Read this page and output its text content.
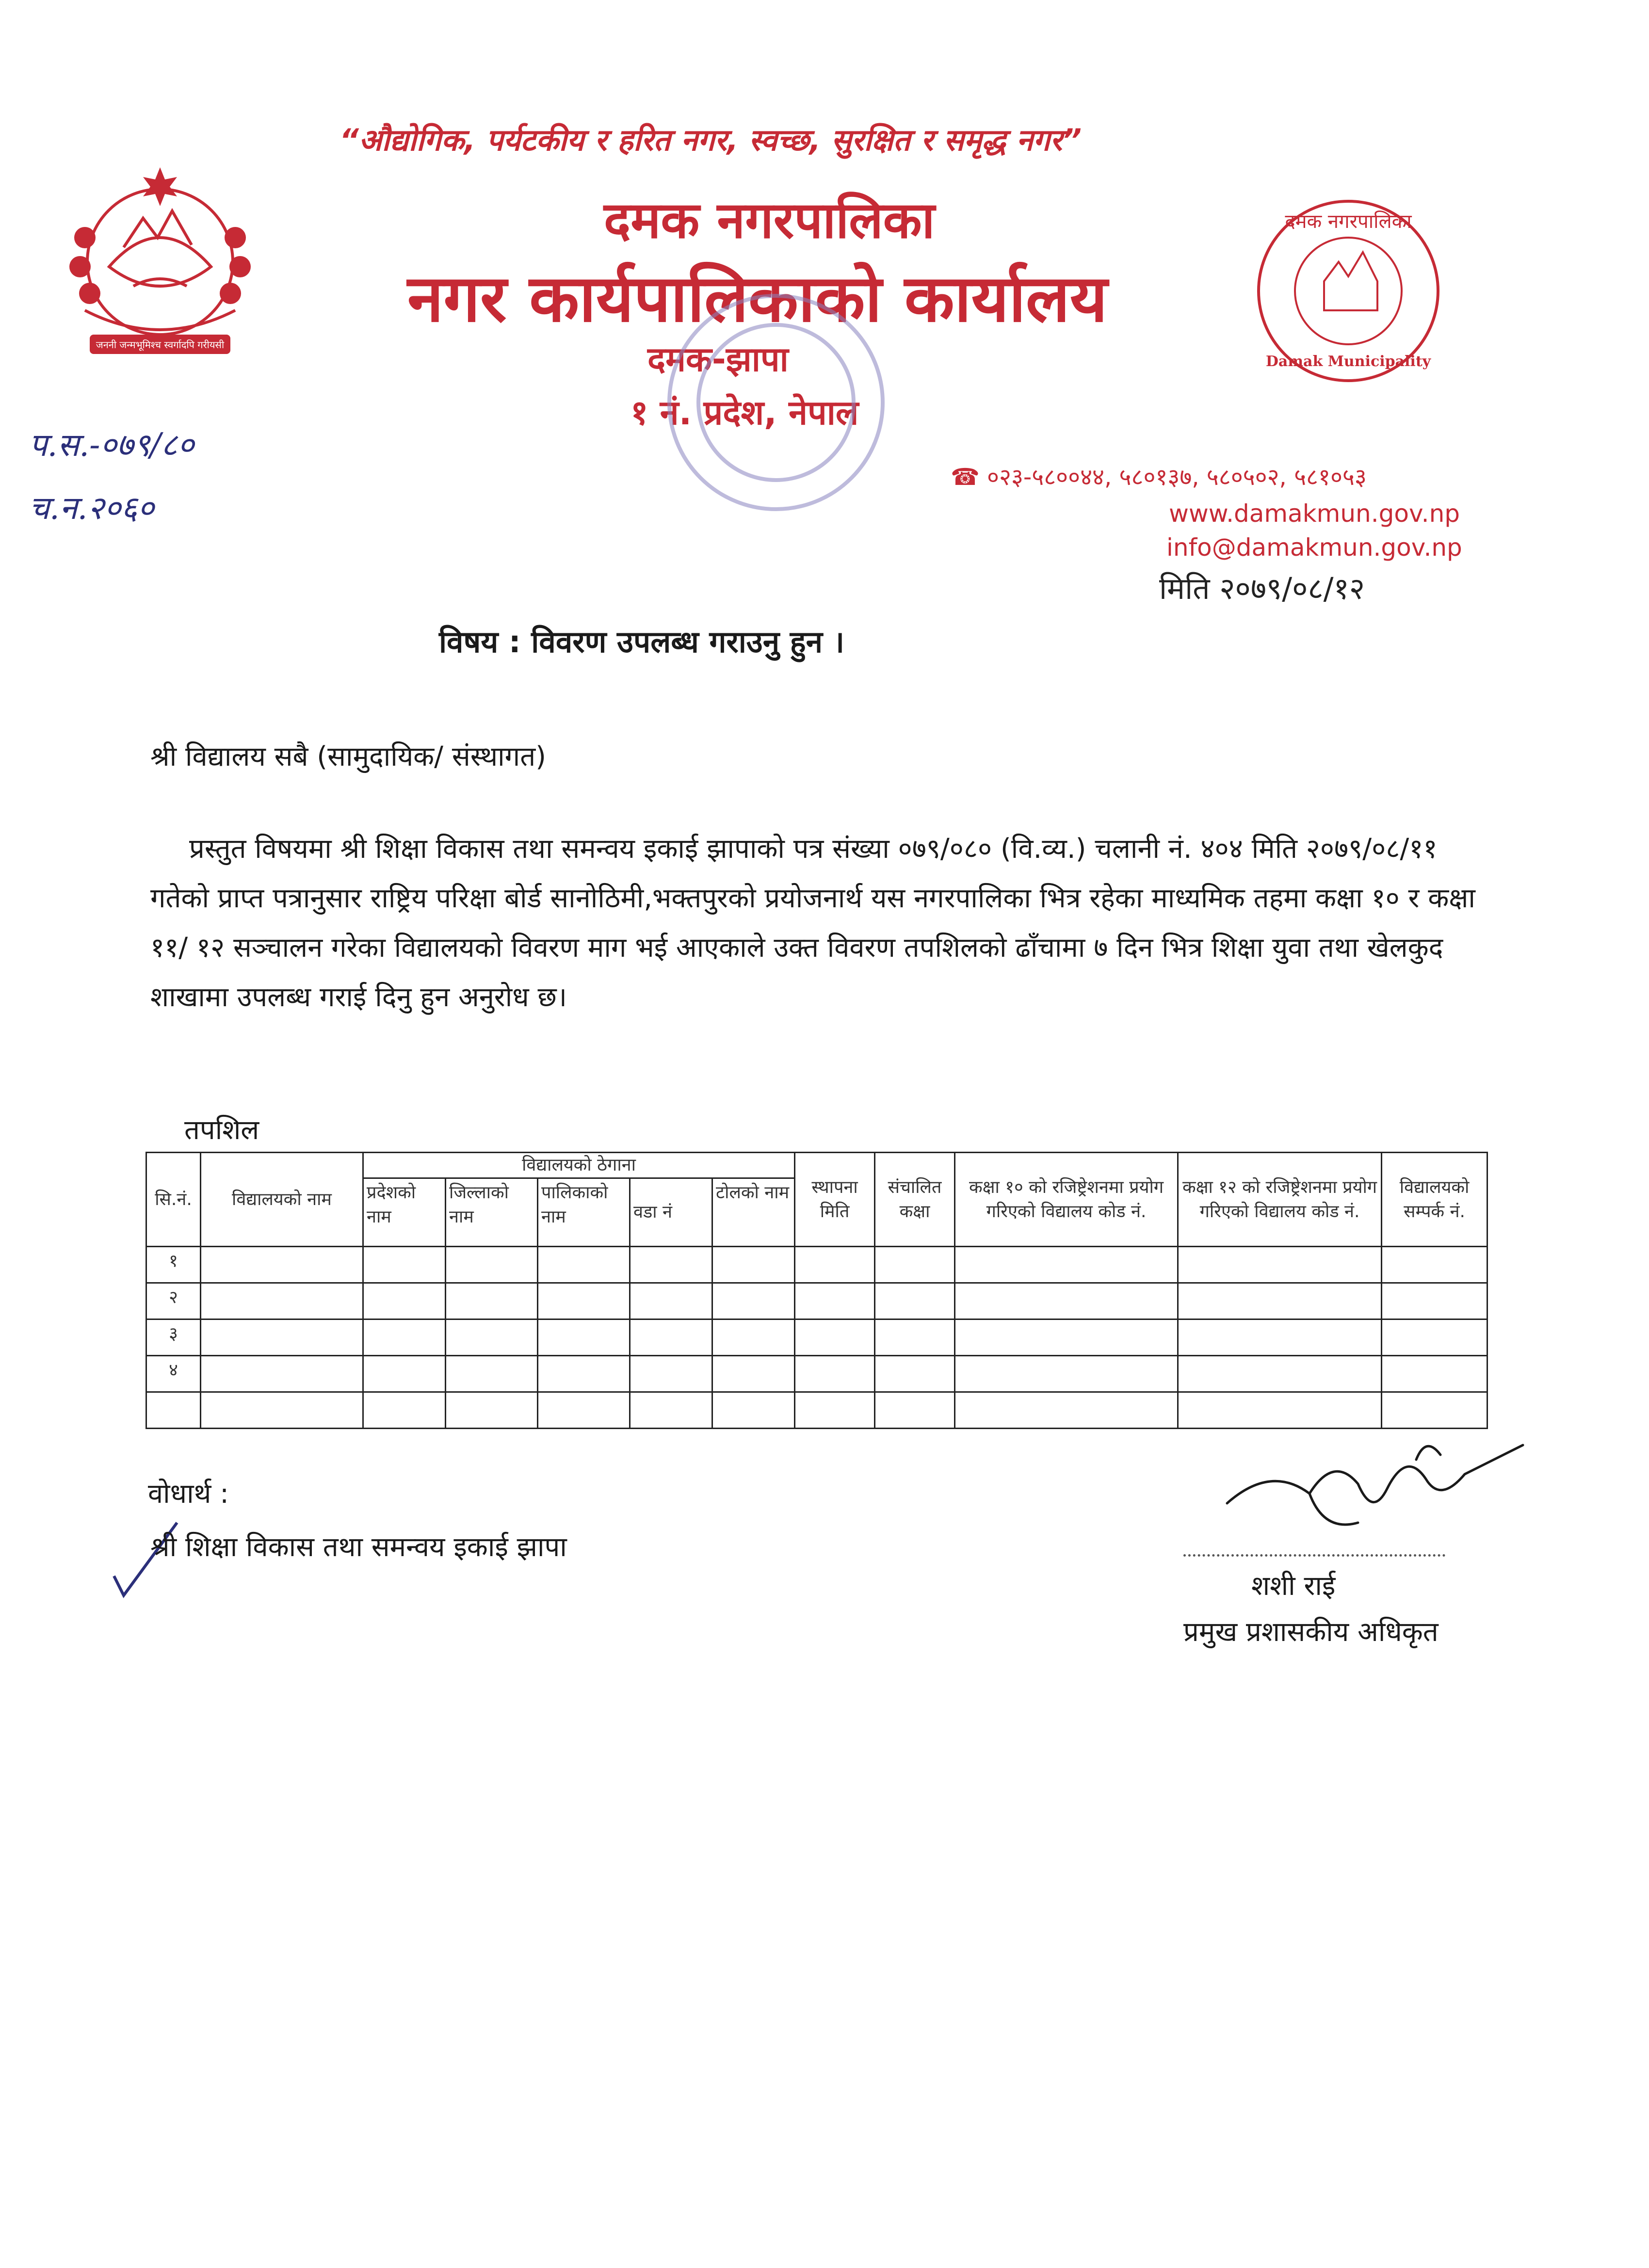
जननी जन्मभूमिश्च स्वर्गादपि गरीयसी
“औद्योगिक, पर्यटकीय र हरित नगर, स्वच्छ, सुरक्षित र समृद्ध नगर”
दमक नगरपालिका
नगर कार्यपालिकाको कार्यालय
दमक-झापा
१ नं. प्रदेश, नेपाल
दमक नगरपालिका
Damak Municipality
प.स.-०७९/८०
च.न.२०६०
☎ ०२३-५८००४४, ५८०१३७, ५८०५०२, ५८१०५३
www.damakmun.gov.np
info@damakmun.gov.np
मिति २०७९/०८/१२
विषय : विवरण उपलब्ध गराउनु हुन ।
श्री विद्यालय सबै (सामुदायिक/ संस्थागत)
प्रस्तुत विषयमा श्री शिक्षा विकास तथा समन्वय इकाई झापाको पत्र संख्या ०७९/०८० (वि.व्य.) चलानी नं. ४०४ मिति २०७९/०८/११ गतेको प्राप्त पत्रानुसार राष्ट्रिय परिक्षा बोर्ड सानोठिमी,भक्तपुरको प्रयोजनार्थ यस नगरपालिका भित्र रहेका माध्यमिक तहमा कक्षा १० र कक्षा ११/ १२ सञ्चालन गरेका विद्यालयको विवरण माग भई आएकाले उक्त विवरण तपशिलको ढाँचामा ७ दिन भित्र शिक्षा युवा तथा खेलकुद शाखामा उपलब्ध गराई दिनु हुन अनुरोध छ।
तपशिल
सि.नं.	विद्यालयको नाम	विद्यालयको ठेगाना					स्थापना मिति	संचालित कक्षा	कक्षा १० को रजिष्ट्रेशनमा प्रयोग गरिएको विद्यालय कोड नं.	कक्षा १२ को रजिष्ट्रेशनमा प्रयोग गरिएको विद्यालय कोड नं.	विद्यालयको सम्पर्क नं.
		प्रदेशको नाम	जिल्लाको नाम	पालिकाको नाम	वडा नं	टोलको नाम					
१											
२											
३											
४											

वोधार्थ :
श्री शिक्षा विकास तथा समन्वय इकाई झापा
शशी राई
प्रमुख प्रशासकीय अधिकृत
